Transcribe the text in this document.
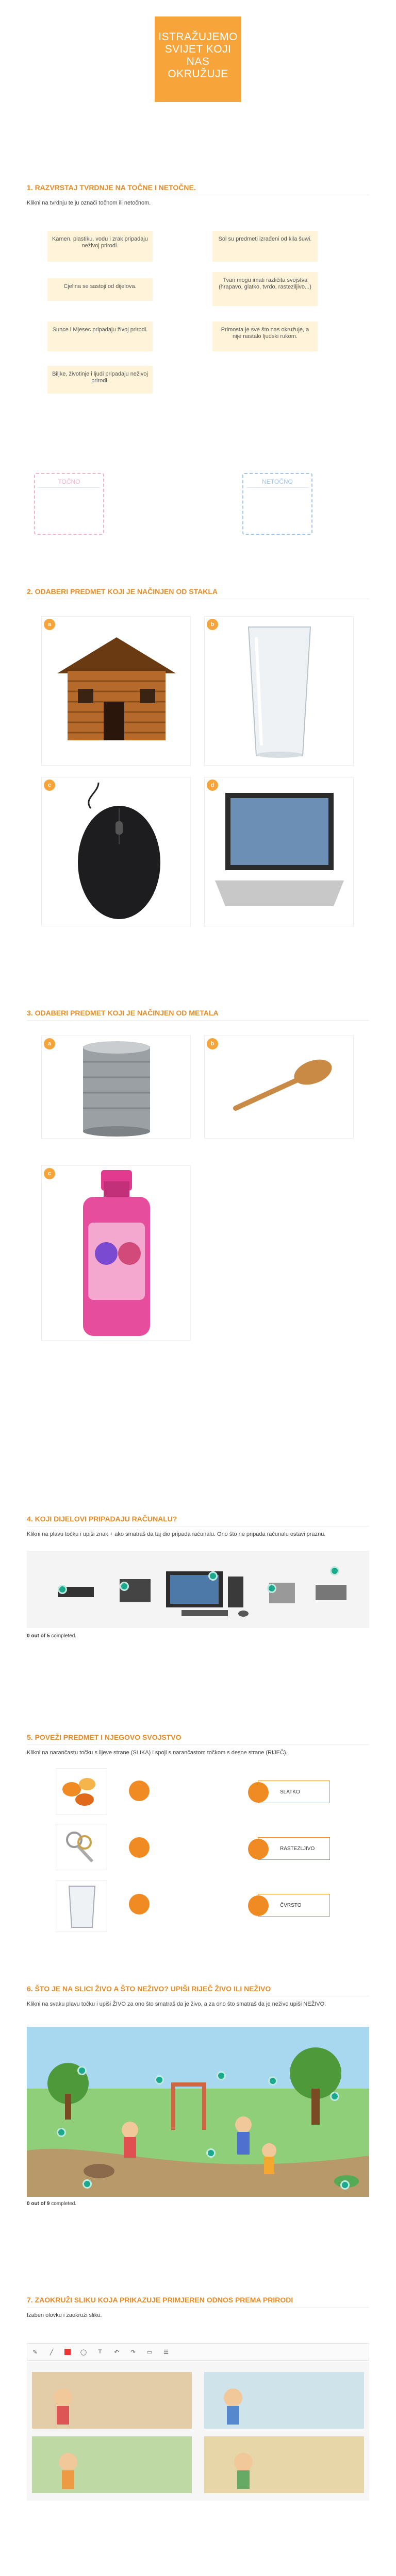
ISTRAŽUJEMO SVIJET KOJI NAS OKRUŽUJE
1. RAZVRSTAJ TVRDNJE NA TOČNE I NETOČNE.
Klikni na tvrdnju te ju označi točnom ili netočnom.
Kamen, plastiku, vodu i zrak pripadaju neživoj prirodi.
Sol su predmeti izrađeni od kila šuwi.
Cjelina se sastoji od dijelova.
Tvari mogu imati različita svojstva (hrapavo, glatko, tvrdo, rasteziljivo...)
Sunce i Mjesec pripadaju živoj prirodi.	Primosta je sve što nas okružuje, a nije nastalo ljudski rukom.
Biljke, životinje i ljudi pripadaju neživoj prirodi.
TOČNO	NETOČNO
2. ODABERI PREDMET KOJI JE NAČINJEN OD STAKLA
a	b
c	d
3. ODABERI PREDMET KOJI JE NAČINJEN OD METALA
a	b
c
4. KOJI DIJELOVI PRIPADAJU RAČUNALU?
Klikni na plavu točku i upiši znak + ako smatraš da taj dio pripada računalu. Ono što ne pripada računalu ostavi praznu.
0 out of 5 completed.
5. POVEŽI PREDMET I NJEGOVO SVOJSTVO
Klikni na narančastu točku s lijeve strane (SLIKA) i spoji s narančastom točkom s desne strane (RIJEČ).
SLATKO
RASTEZLJIVO
ČVRSTO
6. ŠTO JE NA SLICI ŽIVO A ŠTO NEŽIVO? UPIŠI RIJEČ ŽIVO ILI NEŽIVO
Klikni na svaku plavu točku i upiši ŽIVO za ono što smatraš da je živo, a za ono što smatraš da je neživo upiši NEŽIVO.
0 out of 9 completed.
7. ZAOKRUŽI SLIKU KOJA PRIKAZUJE PRIMJEREN ODNOS PREMA PRIRODI
Izaberi olovku i zaokruži sliku.
✎	╱	◯	T	↶ ↷ ▭ ☰
